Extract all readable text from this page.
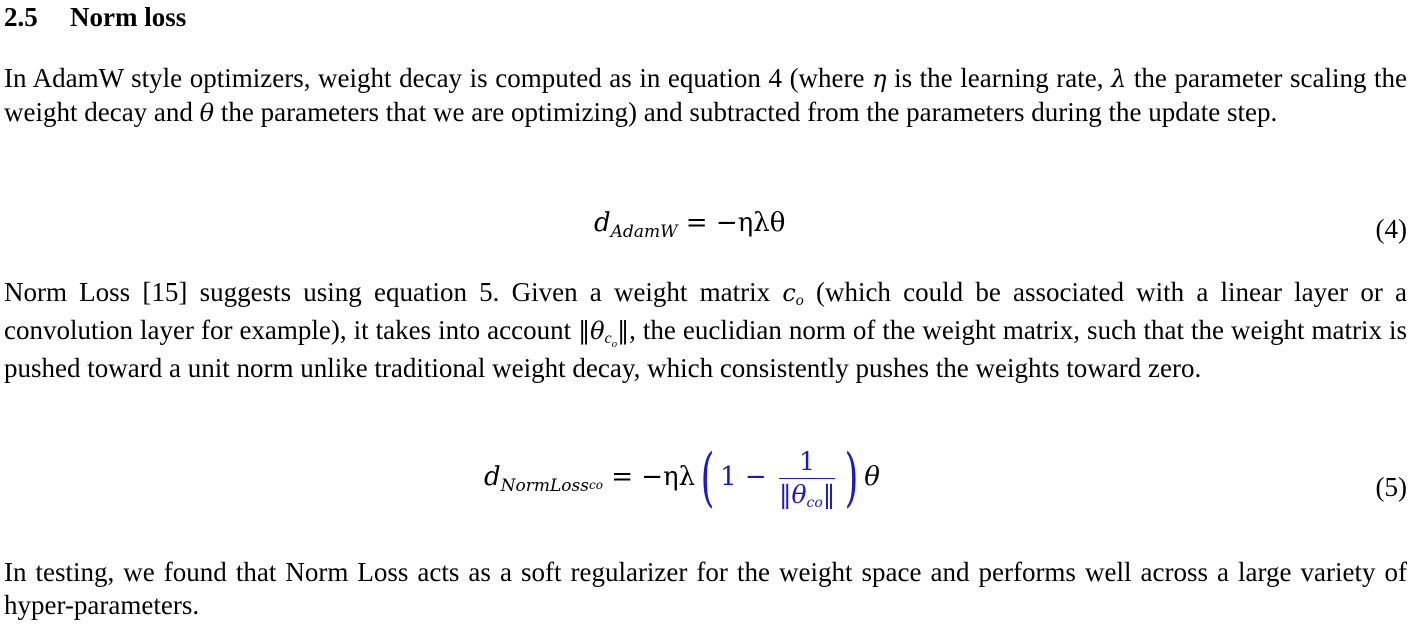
2.5 Norm loss
In AdamW style optimizers, weight decay is computed as in equation 4 (where η is the learning rate, λ the parameter scaling the weight decay and θ the parameters that we are optimizing) and subtracted from the parameters during the update step.
$d_{AdamW} = -\eta\lambda\theta$	(4)
Norm Loss [15] suggests using equation 5. Given a weight matrix co (which could be associated with a linear layer or a convolution layer for example), it takes into account $‖\theta c_o‖$, the euclidian norm of the weight matrix, such that the weight matrix is pushed toward a unit norm unlike traditional weight decay, which consistently pushes the weights toward zero.
$d_{NormLoss}co = -\eta\lambda$( $1 - \frac{1}{\text{‖θco‖}}$ ) θ	(5)
In testing, we found that Norm Loss acts as a soft regularizer for the weight space and performs well across a large variety of hyper-parameters.
